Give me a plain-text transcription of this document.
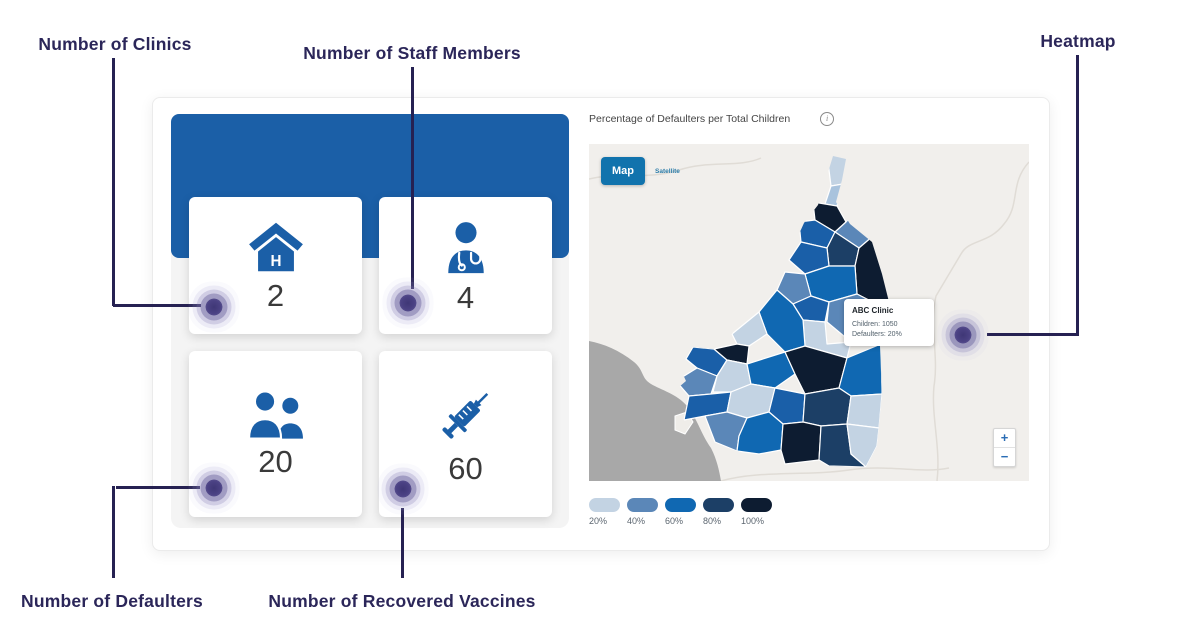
Number of Clinics	Number of Staff Members
Heatmap
Number of Defaulters	Number of Recovered Vaccines
H
2	4
20	60
Percentage of Defaulters per Total Children	i
Map	Satellite
ABC Clinic
Children: 1050
Defaulters: 20%
+
−
20% 40% 60% 80% 100%
